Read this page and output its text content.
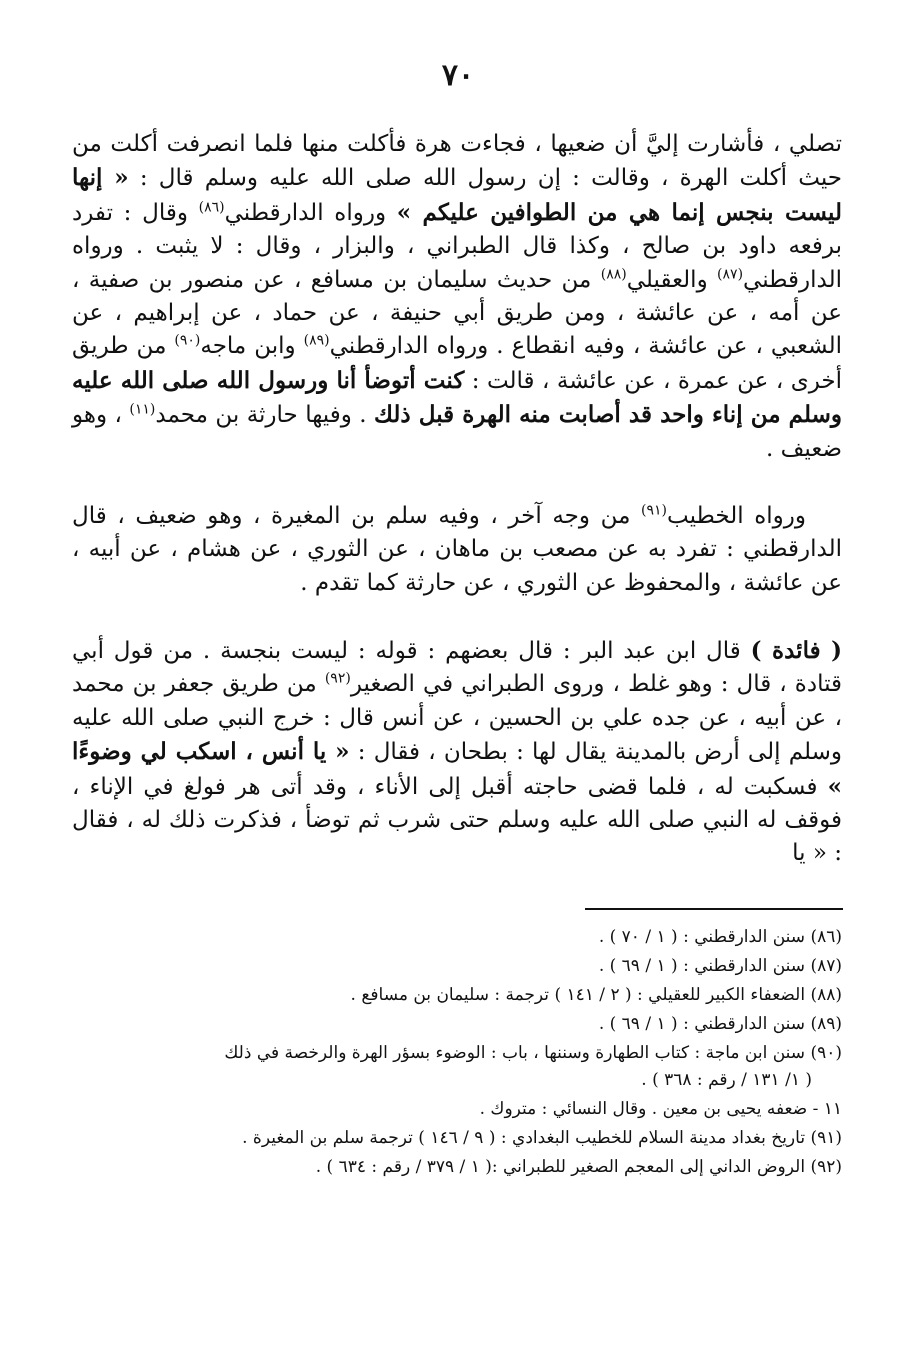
٧٠
تصلي ، فأشارت إليَّ أن ضعيها ، فجاءت هرة فأكلت منها فلما انصرفت أكلت من حيث أكلت الهرة ، وقالت : إن رسول الله صلى الله عليه وسلم قال : « إنها ليست بنجس إنما هي من الطوافين عليكم » ورواه الدارقطني$^{(٨٦)}$ وقال : تفرد برفعه داود بن صالح ، وكذا قال الطبراني ، والبزار ، وقال : لا يثبت . ورواه الدارقطني$^{(٨٧)}$ والعقيلي$^{(٨٨)}$ من حديث سليمان بن مسافع ، عن منصور بن صفية ، عن أمه ، عن عائشة ، ومن طريق أبي حنيفة ، عن حماد ، عن إبراهيم ، عن الشعبي ، عن عائشة ، وفيه انقطاع . ورواه الدارقطني$^{(٨٩)}$ وابن ماجه$^{(٩٠)}$ من طريق أخرى ، عن عمرة ، عن عائشة ، قالت : كنت أتوضأ أنا ورسول الله صلى الله عليه وسلم من إناء واحد قد أصابت منه الهرة قبل ذلك . وفيها حارثة بن محمد$^{(١١)}$ ، وهو ضعيف .
ورواه الخطيب$^{(٩١)}$ من وجه آخر ، وفيه سلم بن المغيرة ، وهو ضعيف ، قال الدارقطني : تفرد به عن مصعب بن ماهان ، عن الثوري ، عن هشام ، عن أبيه ، عن عائشة ، والمحفوظ عن الثوري ، عن حارثة كما تقدم .
( فائدة ) قال ابن عبد البر : قال بعضهم : قوله : ليست بنجسة . من قول أبي قتادة ، قال : وهو غلط ، وروى الطبراني في الصغير$^{(٩٢)}$ من طريق جعفر بن محمد ، عن أبيه ، عن جده علي بن الحسين ، عن أنس قال : خرج النبي صلى الله عليه وسلم إلى أرض بالمدينة يقال لها : بطحان ، فقال : « يا أنس ، اسكب لي وضوءًا » فسكبت له ، فلما قضى حاجته أقبل إلى الأناء ، وقد أتى هر فولغ في الإناء ، فوقف له النبي صلى الله عليه وسلم حتى شرب ثم توضأ ، فذكرت ذلك له ، فقال : « يا

(٨٦) سنن الدارقطني : ( ١ / ٧٠ ) .

(٨٧) سنن الدارقطني : ( ١ / ٦٩ ) .

(٨٨) الضعفاء الكبير للعقيلي : ( ٢ / ١٤١ ) ترجمة : سليمان بن مسافع .

(٨٩) سنن الدارقطني : ( ١ / ٦٩ ) .

(٩٠) سنن ابن ماجة : كتاب الطهارة وسننها ، باب : الوضوء بسؤر الهرة والرخصة في ذلك

( ١/ ١٣١ / رقم : ٣٦٨ ) .

١١ - ضعفه يحيى بن معين . وقال النسائي : متروك .

(٩١) تاريخ بغداد مدينة السلام للخطيب البغدادي : ( ٩ / ١٤٦ ) ترجمة سلم بن المغيرة .

(٩٢) الروض الداني إلى المعجم الصغير للطبراني :( ١ / ٣٧٩ / رقم : ٦٣٤ ) .
